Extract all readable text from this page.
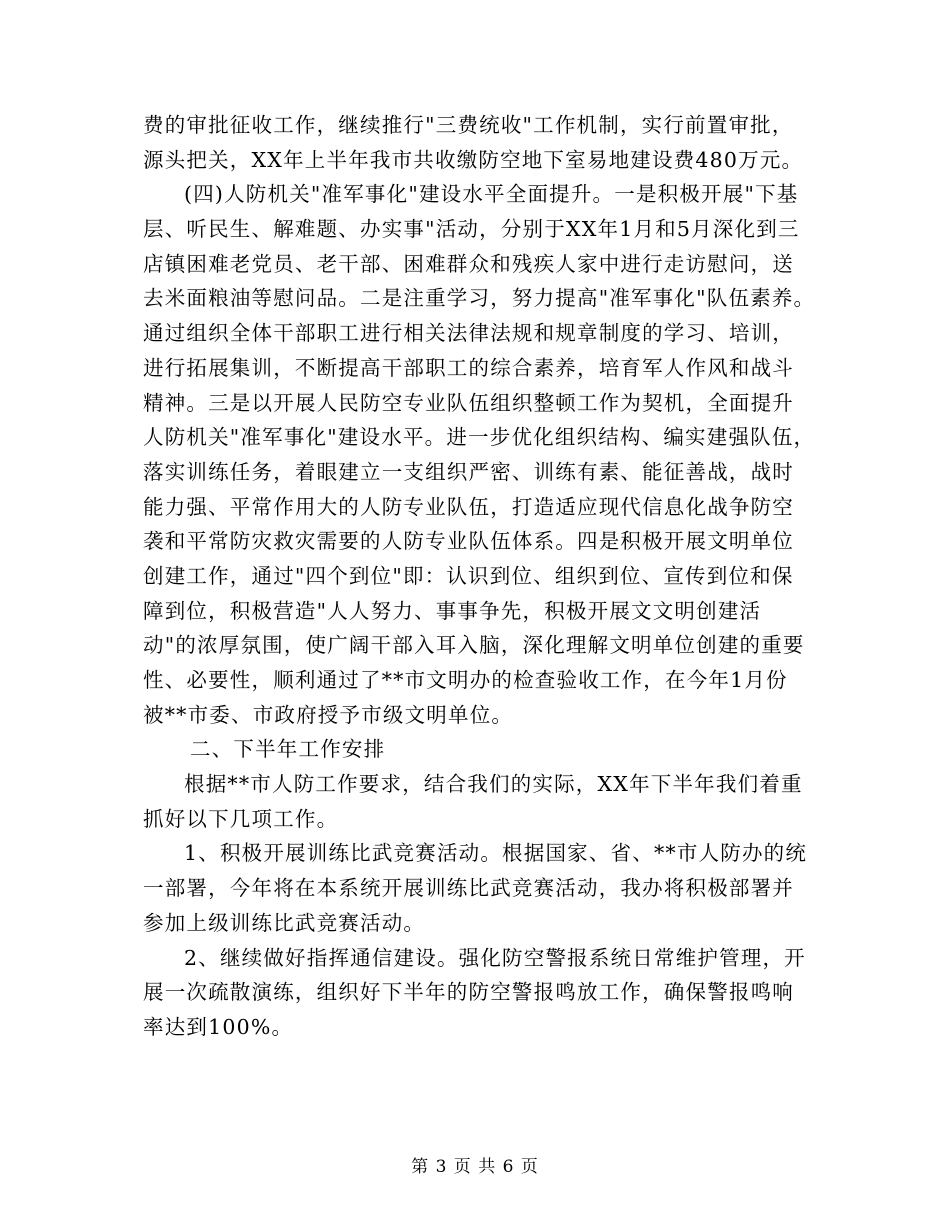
费的审批征收工作，继续推行"三费统收"工作机制，实行前置审批，
源头把关，XX年上半年我市共收缴防空地下室易地建设费480万元。
(四)人防机关"准军事化"建设水平全面提升。一是积极开展"下基
层、听民生、解难题、办实事"活动，分别于XX年1月和5月深化到三
店镇困难老党员、老干部、困难群众和残疾人家中进行走访慰问，送
去米面粮油等慰问品。二是注重学习，努力提高"准军事化"队伍素养。
通过组织全体干部职工进行相关法律法规和规章制度的学习、培训，
进行拓展集训，不断提高干部职工的综合素养，培育军人作风和战斗
精神。三是以开展人民防空专业队伍组织整顿工作为契机，全面提升
人防机关"准军事化"建设水平。进一步优化组织结构、编实建强队伍，
落实训练任务，着眼建立一支组织严密、训练有素、能征善战，战时
能力强、平常作用大的人防专业队伍，打造适应现代信息化战争防空
袭和平常防灾救灾需要的人防专业队伍体系。四是积极开展文明单位
创建工作，通过"四个到位"即：认识到位、组织到位、宣传到位和保
障到位，积极营造"人人努力、事事争先，积极开展文文明创建活
动"的浓厚氛围，使广阔干部入耳入脑，深化理解文明单位创建的重要
性、必要性，顺利通过了**市文明办的检查验收工作，在今年1月份
被**市委、市政府授予市级文明单位。
二、下半年工作安排
根据**市人防工作要求，结合我们的实际，XX年下半年我们着重
抓好以下几项工作。
1、积极开展训练比武竞赛活动。根据国家、省、**市人防办的统
一部署，今年将在本系统开展训练比武竞赛活动，我办将积极部署并
参加上级训练比武竞赛活动。
2、继续做好指挥通信建设。强化防空警报系统日常维护管理，开
展一次疏散演练，组织好下半年的防空警报鸣放工作，确保警报鸣响
率达到100%。
第 3 页 共 6 页
